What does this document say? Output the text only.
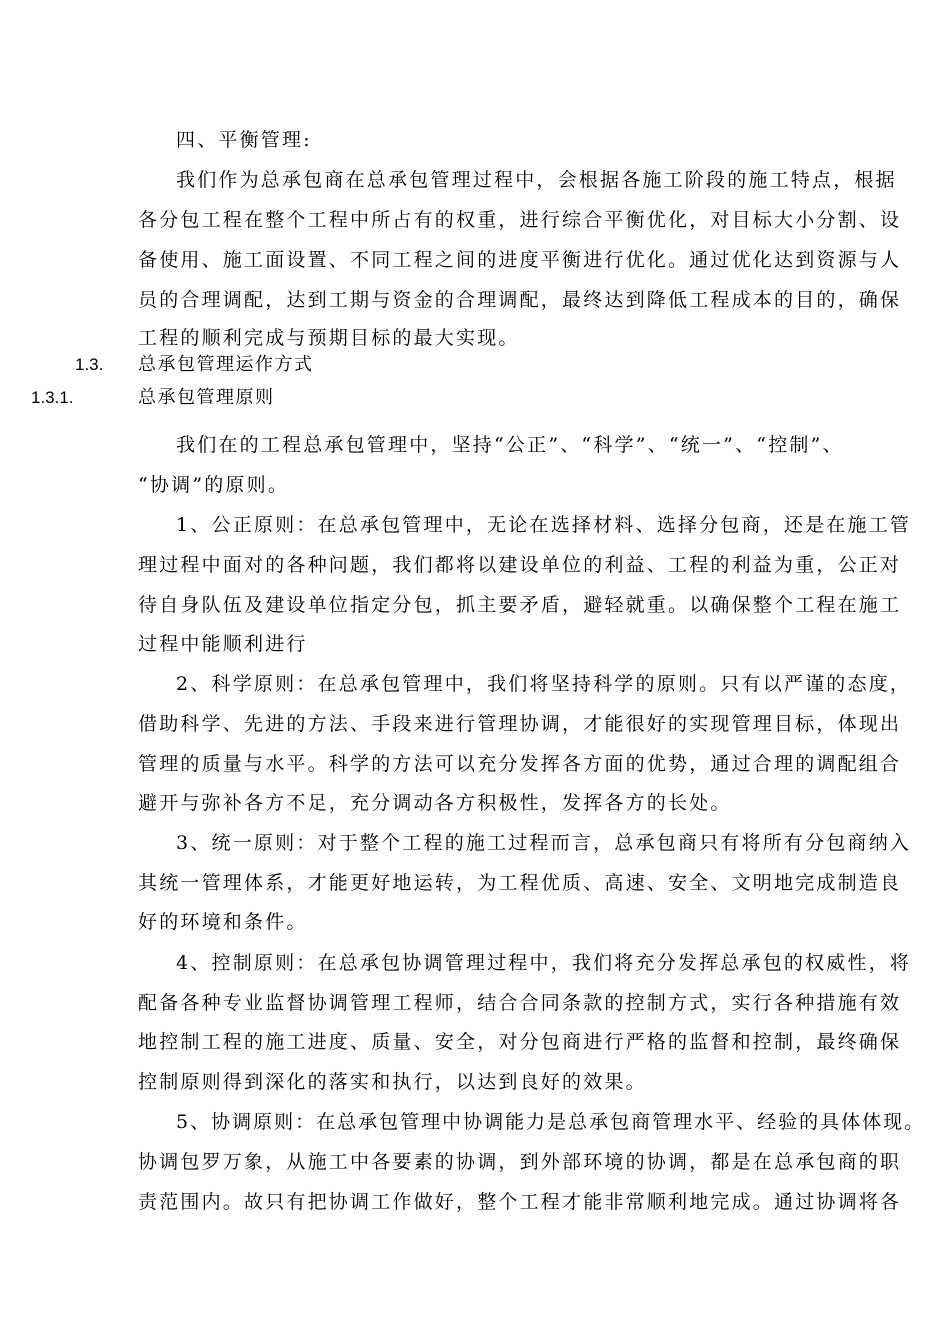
四、平衡管理:
我们作为总承包商在总承包管理过程中，会根据各施工阶段的施工特点，根据
各分包工程在整个工程中所占有的权重，进行综合平衡优化，对目标大小分割、设
备使用、施工面设置、不同工程之间的进度平衡进行优化。通过优化达到资源与人
员的合理调配，达到工期与资金的合理调配，最终达到降低工程成本的目的，确保
工程的顺利完成与预期目标的最大实现。
1.3. 总承包管理运作方式
1.3.1.	总承包管理原则
我们在的工程总承包管理中，坚持“公正”、“科学”、“统一”、“控制”、
“协调”的原则。
1、公正原则：在总承包管理中，无论在选择材料、选择分包商，还是在施工管
理过程中面对的各种问题，我们都将以建设单位的利益、工程的利益为重，公正对
待自身队伍及建设单位指定分包，抓主要矛盾，避轻就重。以确保整个工程在施工
过程中能顺利进行
2、科学原则：在总承包管理中，我们将坚持科学的原则。只有以严谨的态度，
借助科学、先进的方法、手段来进行管理协调，才能很好的实现管理目标，体现出
管理的质量与水平。科学的方法可以充分发挥各方面的优势，通过合理的调配组合
避开与弥补各方不足，充分调动各方积极性，发挥各方的长处。
3、统一原则：对于整个工程的施工过程而言，总承包商只有将所有分包商纳入
其统一管理体系，才能更好地运转，为工程优质、高速、安全、文明地完成制造良
好的环境和条件。
4、控制原则：在总承包协调管理过程中，我们将充分发挥总承包的权威性，将
配备各种专业监督协调管理工程师，结合合同条款的控制方式，实行各种措施有效
地控制工程的施工进度、质量、安全，对分包商进行严格的监督和控制，最终确保
控制原则得到深化的落实和执行，以达到良好的效果。
5、协调原则：在总承包管理中协调能力是总承包商管理水平、经验的具体体现。
协调包罗万象，从施工中各要素的协调，到外部环境的协调，都是在总承包商的职
责范围内。故只有把协调工作做好，整个工程才能非常顺利地完成。通过协调将各
